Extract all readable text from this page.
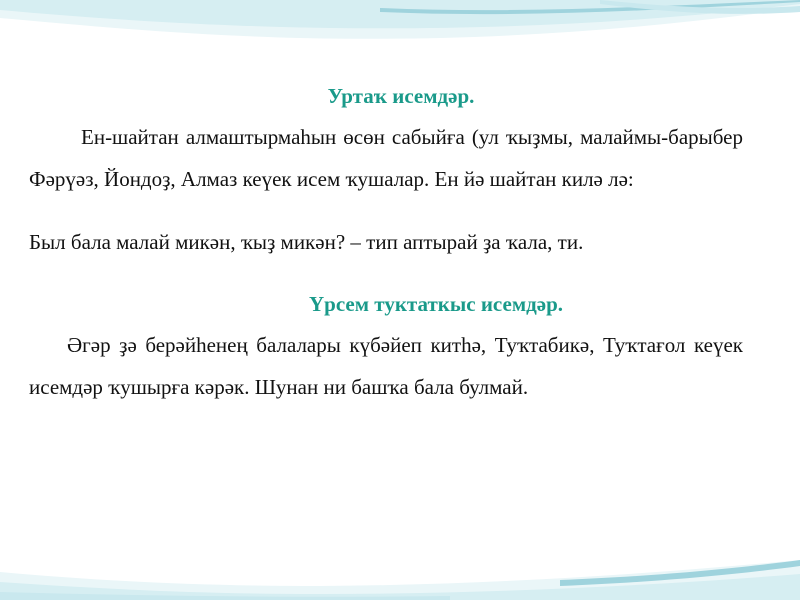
Уртаҡ исемдәр.

Ен-шайтан алмаштырмаһын өсөн сабыйға (ул ҡыҙмы, малаймы-барыбер Фәрүәз, Йондоҙ, Алмаз кеүек исем ҡушалар. Ен йә шайтан килә лә:

Был бала малай микән, ҡыҙ микән? – тип аптырай ҙа ҡала, ти.

Үрсем туктаткыс исемдәр.

Әгәр ҙә берәйһенең балалары күбәйеп китһә, Туҡтабикә, Туҡтағол кеүек исемдәр ҡушырға кәрәк. Шунан ни башҡа бала булмай.
